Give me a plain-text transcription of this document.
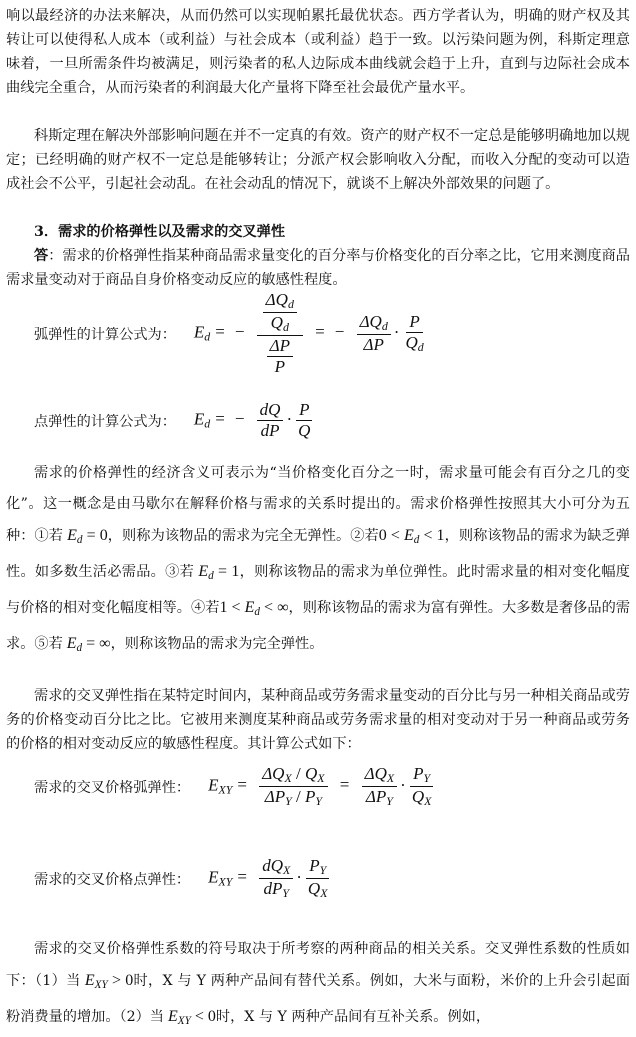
响以最经济的办法来解决，从而仍然可以实现帕累托最优状态。西方学者认为，明确的财产权及其转让可以使得私人成本（或利益）与社会成本（或利益）趋于一致。以污染问题为例，科斯定理意味着，一旦所需条件均被满足，则污染者的私人边际成本曲线就会趋于上升，直到与边际社会成本曲线完全重合，从而污染者的利润最大化产量将下降至社会最优产量水平。

科斯定理在解决外部影响问题在并不一定真的有效。资产的财产权不一定总是能够明确地加以规定；已经明确的财产权不一定总是能够转让；分派产权会影响收入分配，而收入分配的变动可以造成社会不公平，引起社会动乱。在社会动乱的情况下，就谈不上解决外部效果的问题了。

3．需求的价格弹性以及需求的交叉弹性

答：需求的价格弹性指某种商品需求量变化的百分率与价格变化的百分率之比，它用来测度商品需求量变动对于商品自身价格变动反应的敏感性程度。

弧弹性的计算公式为： $E_d$ = − $\frac{\frac{\Delta Q_d}{Q_d}}{\frac{\Delta P}{P}}$ = − $\frac{\Delta Q_d}{\Delta P} \cdot \frac{P}{Q_d}$
点弹性的计算公式为： $E_d$ = − $\frac{dQ}{dP} \cdot \frac{P}{Q}$

需求的价格弹性的经济含义可表示为“当价格变化百分之一时，需求量可能会有百分之几的变化”。这一概念是由马歇尔在解释价格与需求的关系时提出的。需求价格弹性按照其大小可分为五种：①若 $E_d = 0$，则称为该物品的需求为完全无弹性。②若$0 < E_d < 1$，则称该物品的需求为缺乏弹性。如多数生活必需品。③若 $E_d = 1$，则称该物品的需求为单位弹性。此时需求量的相对变化幅度与价格的相对变化幅度相等。④若$1 < E_d$ < ∞，则称该物品的需求为富有弹性。大多数是奢侈品的需求。⑤若 $E_d$ = ∞，则称该物品的需求为完全弹性。

需求的交叉弹性指在某特定时间内，某种商品或劳务需求量变动的百分比与另一种相关商品或劳务的价格变动百分比之比。它被用来测度某种商品或劳务需求量的相对变动对于另一种商品或劳务的价格的相对变动反应的敏感性程度。其计算公式如下：

需求的交叉价格弧弹性： $E_{XY} = \frac{\Delta Q_X / Q_X}{\Delta P_Y / P_Y} = \frac{\Delta Q_X}{\Delta P_Y} \cdot \frac{P_Y}{Q_X}$
需求的交叉价格点弹性： $E_{XY} = \frac{dQ_X}{dP_Y} \cdot \frac{P_Y}{Q_X}$

需求的交叉价格弹性系数的符号取决于所考察的两种商品的相关关系。交叉弹性系数的性质如下：（1）当 $E_{XY} > 0$时，X 与 Y 两种产品间有替代关系。例如，大米与面粉，米价的上升会引起面粉消费量的增加。（2）当 $E_{XY} < 0$时，X 与 Y 两种产品间有互补关系。例如，
